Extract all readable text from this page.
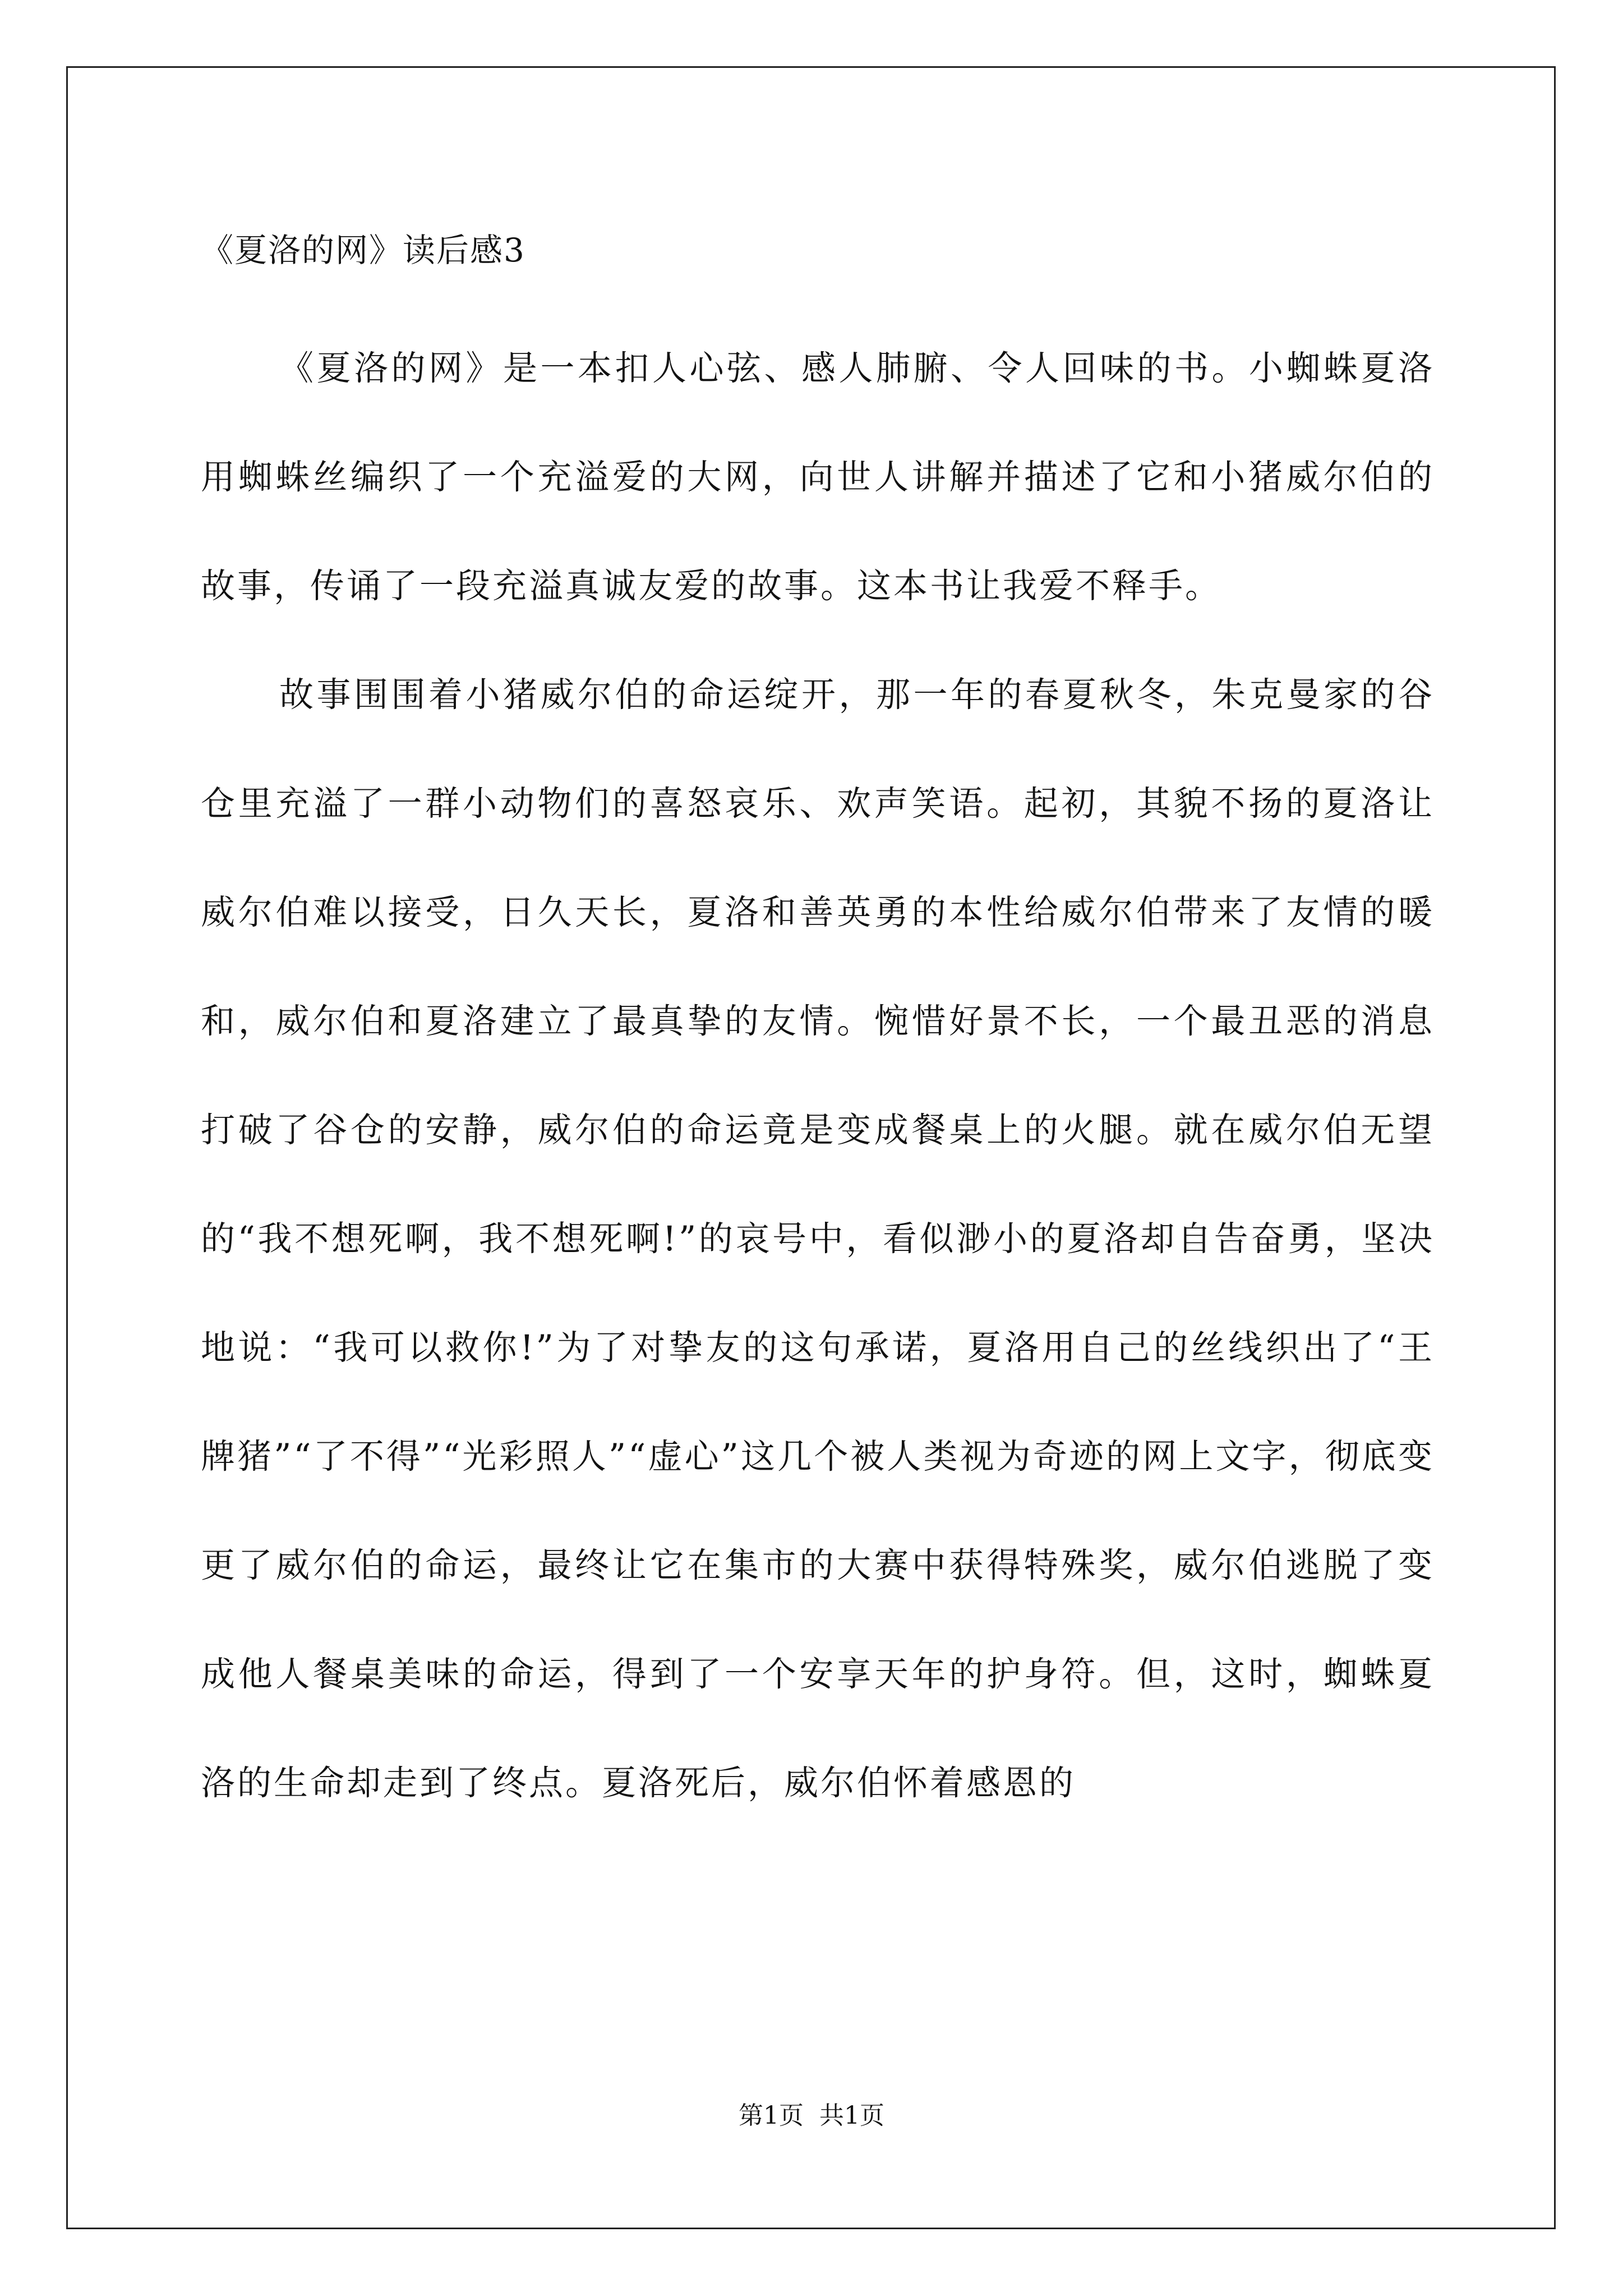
《夏洛的网》读后感3

《夏洛的网》是一本扣人心弦、感人肺腑、令人回味的书。小蜘蛛夏洛用蜘蛛丝编织了一个充溢爱的大网，向世人讲解并描述了它和小猪威尔伯的故事，传诵了一段充溢真诚友爱的故事。这本书让我爱不释手。

故事围围着小猪威尔伯的命运绽开，那一年的春夏秋冬，朱克曼家的谷仓里充溢了一群小动物们的喜怒哀乐、欢声笑语。起初，其貌不扬的夏洛让威尔伯难以接受，日久天长，夏洛和善英勇的本性给威尔伯带来了友情的暖和，威尔伯和夏洛建立了最真挚的友情。惋惜好景不长，一个最丑恶的消息打破了谷仓的安静，威尔伯的命运竟是变成餐桌上的火腿。就在威尔伯无望的“我不想死啊，我不想死啊!”的哀号中，看似渺小的夏洛却自告奋勇，坚决地说：“我可以救你!”为了对挚友的这句承诺，夏洛用自己的丝线织出了“王牌猪”“了不得”“光彩照人”“虚心”这几个被人类视为奇迹的网上文字，彻底变更了威尔伯的命运，最终让它在集市的大赛中获得特殊奖，威尔伯逃脱了变成他人餐桌美味的命运，得到了一个安享天年的护身符。但，这时，蜘蛛夏洛的生命却走到了终点。夏洛死后，威尔伯怀着感恩的

第1页 共1页
